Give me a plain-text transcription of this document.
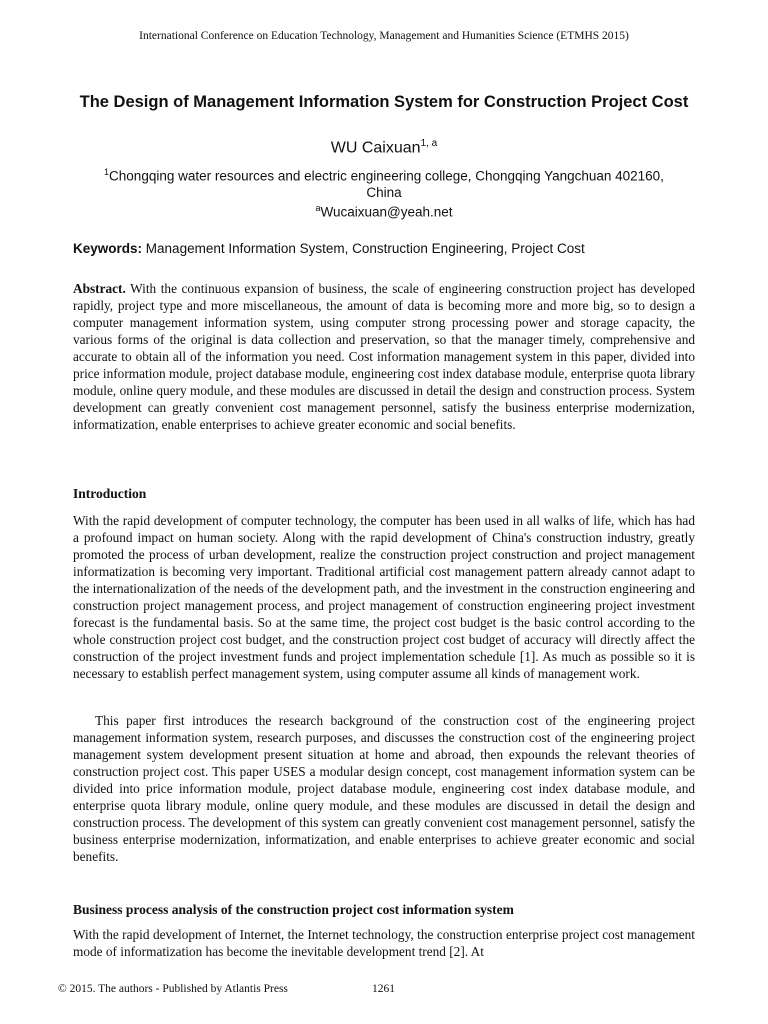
International Conference on Education Technology, Management and Humanities Science (ETMHS 2015)
The Design of Management Information System for Construction Project Cost
WU Caixuan$^{1, a}$
$^1$Chongqing water resources and electric engineering college, Chongqing Yangchuan 402160, China
$^a$Wucaixuan@yeah.net
Keywords: Management Information System, Construction Engineering, Project Cost

Abstract. With the continuous expansion of business, the scale of engineering construction project has developed rapidly, project type and more miscellaneous, the amount of data is becoming more and more big, so to design a computer management information system, using computer strong processing power and storage capacity, the various forms of the original is data collection and preservation, so that the manager timely, comprehensive and accurate to obtain all of the information you need. Cost information management system in this paper, divided into price information module, project database module, engineering cost index database module, enterprise quota library module, online query module, and these modules are discussed in detail the design and construction process. System development can greatly convenient cost management personnel, satisfy the business enterprise modernization, informatization, enable enterprises to achieve greater economic and social benefits.

Introduction

With the rapid development of computer technology, the computer has been used in all walks of life, which has had a profound impact on human society. Along with the rapid development of China's construction industry, greatly promoted the process of urban development, realize the construction project construction and project management informatization is becoming very important. Traditional artificial cost management pattern already cannot adapt to the internationalization of the needs of the development path, and the investment in the construction engineering and construction project management process, and project management of construction engineering project investment forecast is the fundamental basis. So at the same time, the project cost budget is the basic control according to the whole construction project cost budget, and the construction project cost budget of accuracy will directly affect the construction of the project investment funds and project implementation schedule [1]. As much as possible so it is necessary to establish perfect management system, using computer assume all kinds of management work.

This paper first introduces the research background of the construction cost of the engineering project management information system, research purposes, and discusses the construction cost of the engineering project management system development present situation at home and abroad, then expounds the relevant theories of construction project cost. This paper USES a modular design concept, cost management information system can be divided into price information module, project database module, engineering cost index database module, and enterprise quota library module, online query module, and these modules are discussed in detail the design and construction process. The development of this system can greatly convenient cost management personnel, satisfy the business enterprise modernization, informatization, and enable enterprises to achieve greater economic and social benefits.

Business process analysis of the construction project cost information system

With the rapid development of Internet, the Internet technology, the construction enterprise project cost management mode of informatization has become the inevitable development trend [2]. At

© 2015. The authors - Published by Atlantis Press	1261
